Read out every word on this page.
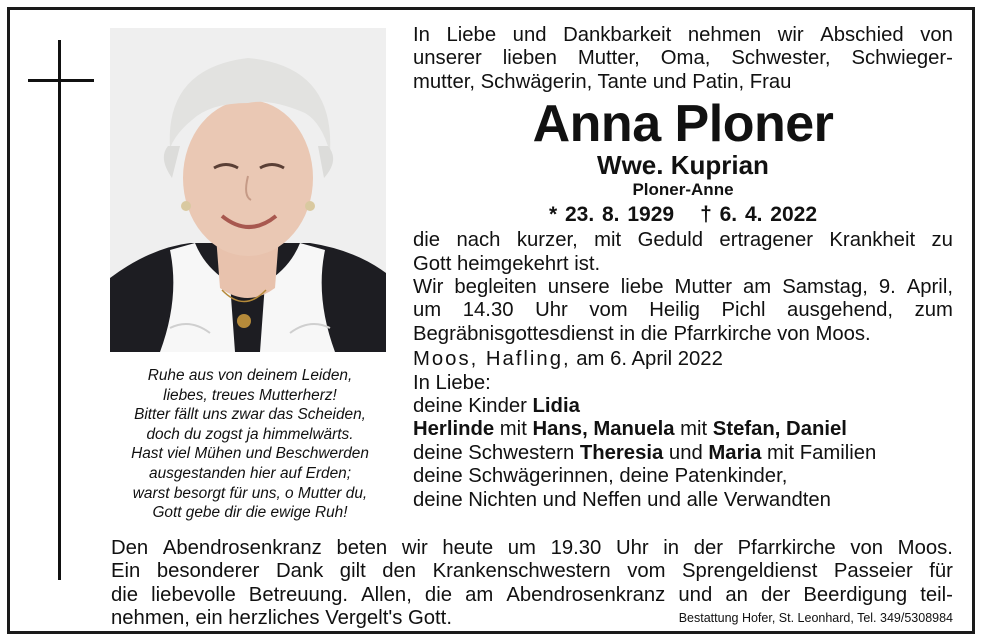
Ruhe aus von deinem Leiden,
liebes, treues Mutterherz!
Bitter fällt uns zwar das Scheiden,
doch du zogst ja himmelwärts.
Hast viel Mühen und Beschwerden
ausgestanden hier auf Erden;
warst besorgt für uns, o Mutter du,
Gott gebe dir die ewige Ruh!
In Liebe und Dankbarkeit nehmen wir Abschied von
unserer lieben Mutter, Oma, Schwester, Schwieger-
mutter, Schwägerin, Tante und Patin, Frau
Anna Ploner
Wwe. Kuprian
Ploner-Anne
* 23. 8. 1929 † 6. 4. 2022
die nach kurzer, mit Geduld ertragener Krankheit zu
Gott heimgekehrt ist.
Wir begleiten unsere liebe Mutter am Samstag, 9. April,
um 14.30 Uhr vom Heilig Pichl ausgehend, zum
Begräbnisgottesdienst in die Pfarrkirche von Moos.
Moos, Hafling, am 6. April 2022
In Liebe:
deine Kinder Lidia
Herlinde mit Hans, Manuela mit Stefan, Daniel
deine Schwestern Theresia und Maria mit Familien
deine Schwägerinnen, deine Patenkinder,
deine Nichten und Neffen und alle Verwandten
Den Abendrosenkranz beten wir heute um 19.30 Uhr in der Pfarrkirche von Moos.
Ein besonderer Dank gilt den Krankenschwestern vom Sprengeldienst Passeier für
die liebevolle Betreuung. Allen, die am Abendrosenkranz und an der Beerdigung teil-
nehmen, ein herzliches Vergelt's Gott.	Bestattung Hofer, St. Leonhard, Tel. 349/5308984
